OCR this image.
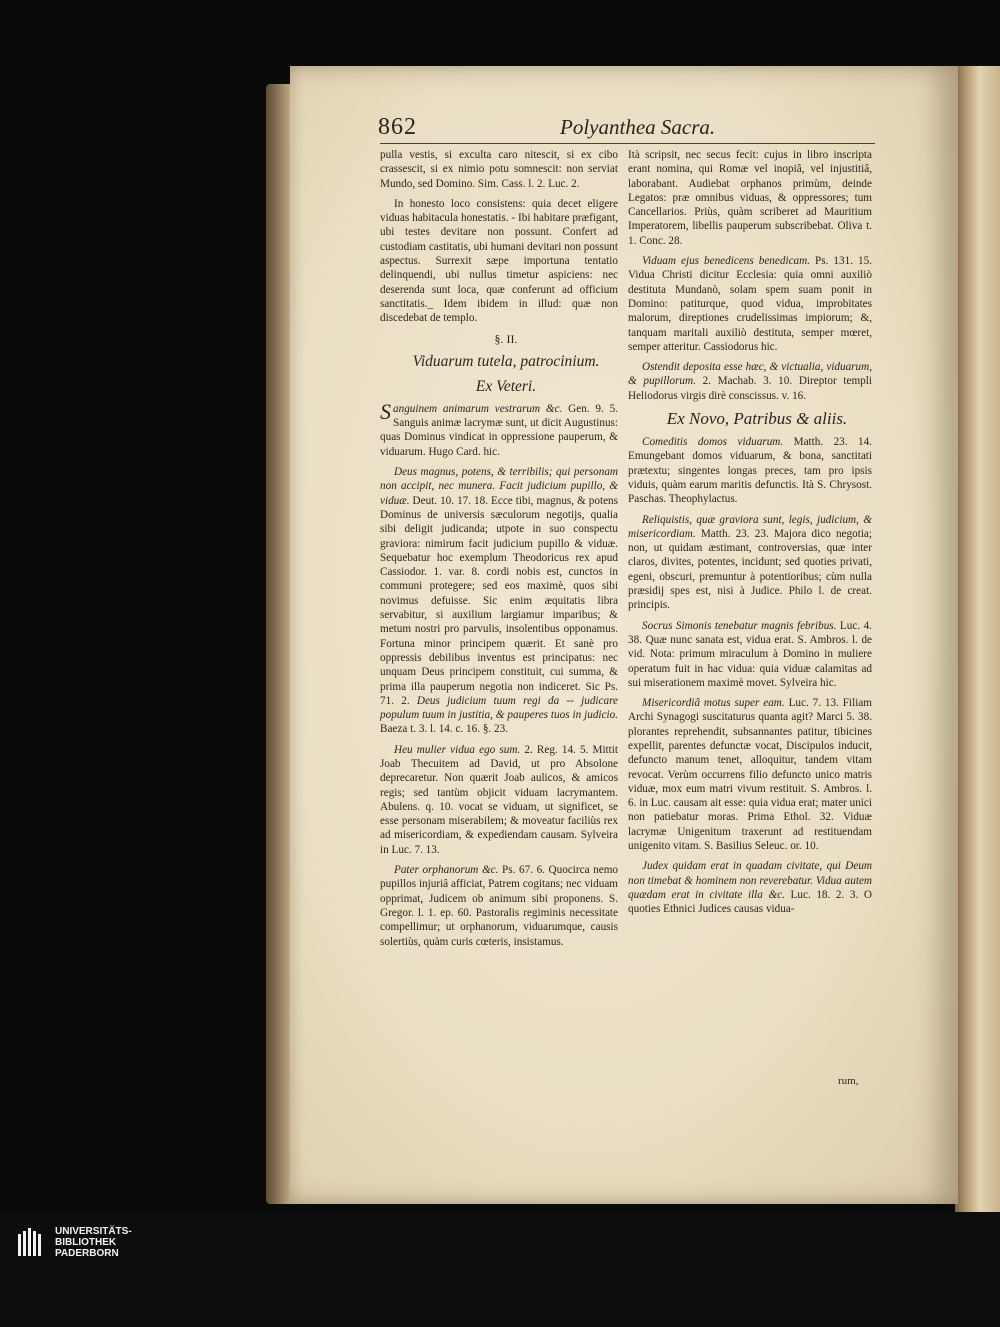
862	Polyanthea Sacra.

pulla vestis, si exculta caro nitescit, si ex cibo crassescit, si ex nimio potu somnescit: non serviat Mundo, sed Domino. Sim. Cass. l. 2. Luc. 2.

In honesto loco consistens: quia decet eligere viduas habitacula honestatis. - Ibi habitare præfigant, ubi testes devitare non possunt. Confert ad custodiam castitatis, ubi humani devitari non possunt aspectus. Surrexit sæpe importuna tentatio delinquendi, ubi nullus timetur aspiciens: nec deserenda sunt loca, quæ conferunt ad officium sanctitatis._ Idem ibidem in illud: quæ non discedebat de templo.

§. II.

Viduarum tutela, patrocinium.

Ex Veteri.

Sanguinem animarum vestrarum &c. Gen. 9. 5. Sanguis animæ lacrymæ sunt, ut dicit Augustinus: quas Dominus vindicat in oppressione pauperum, & viduarum. Hugo Card. hic.

Deus magnus, potens, & terribilis; qui personam non accipit, nec munera. Facit judicium pupillo, & viduæ. Deut. 10. 17. 18. Ecce tibi, magnus, & potens Dominus de universis sæculorum negotijs, qualia sibi deligit judicanda; utpote in suo conspectu graviora: nimirum facit judicium pupillo & viduæ. Sequebatur hoc exemplum Theodoricus rex apud Cassiodor. 1. var. 8. cordi nobis est, cunctos in communi protegere; sed eos maximè, quos sibi novimus defuisse. Sic enim æquitatis libra servabitur, si auxilium largiamur imparibus; & metum nostri pro parvulis, insolentibus opponamus. Fortuna minor principem quærit. Et sanè pro oppressis debilibus inventus est principatus: nec unquam Deus principem constituit, cui summa, & prima illa pauperum negotia non indiceret. Sic Ps. 71. 2. Deus judicium tuum regi da -- judicare populum tuum in justitia, & pauperes tuos in judicio. Baeza t. 3. l. 14. c. 16. §. 23.

Heu mulier vidua ego sum. 2. Reg. 14. 5. Mittit Joab Thecuitem ad David, ut pro Absolone deprecaretur. Non quærit Joab aulicos, & amicos regis; sed tantùm objicit viduam lacrymantem. Abulens. q. 10. vocat se viduam, ut significet, se esse personam miserabilem; & moveatur faciliùs rex ad misericordiam, & expediendam causam. Sylveira in Luc. 7. 13.

Pater orphanorum &c. Ps. 67. 6. Quocirca nemo pupillos injuriâ afficiat, Patrem cogitans; nec viduam opprimat, Judicem ob animum sibi proponens. S. Gregor. l. 1. ep. 60. Pastoralis regiminis necessitate compellimur; ut orphanorum, viduarumque, causis solertiùs, quàm curis cœteris, insistamus.

Ità scripsit, nec secus fecit: cujus in libro inscripta erant nomina, qui Romæ vel inopiâ, vel injustitiâ, laborabant. Audiebat orphanos primùm, deinde Legatos: præ omnibus viduas, & oppressores; tum Cancellarios. Priùs, quàm scriberet ad Mauritium Imperatorem, libellis pauperum subscribebat. Oliva t. 1. Conc. 28.

Viduam ejus benedicens benedicam. Ps. 131. 15. Vidua Christi dicitur Ecclesia: quia omni auxiliò destituta Mundanò, solam spem suam ponit in Domino: patiturque, quod vidua, improbitates malorum, direptiones crudelissimas impiorum; &, tanquam maritali auxiliò destituta, semper mœret, semper atteritur. Cassiodorus hic.

Ostendit deposita esse hæc, & victualia, viduarum, & pupillorum. 2. Machab. 3. 10. Direptor templi Heliodorus virgis dirè conscissus. v. 16.

Ex Novo, Patribus & aliis.

Comeditis domos viduarum. Matth. 23. 14. Emungebant domos viduarum, & bona, sanctitati prætextu; singentes longas preces, tam pro ipsis viduis, quàm earum maritis defunctis. Ità S. Chrysost. Paschas. Theophylactus.

Reliquistis, quæ graviora sunt, legis, judicium, & misericordiam. Matth. 23. 23. Majora dico negotia; non, ut quidam æstimant, controversias, quæ inter claros, divites, potentes, incidunt; sed quoties privati, egeni, obscuri, premuntur à potentioribus; cùm nulla præsidij spes est, nisi à Judice. Philo l. de creat. principis.

Socrus Simonis tenebatur magnis febribus. Luc. 4. 38. Quæ nunc sanata est, vidua erat. S. Ambros. l. de vid. Nota: primum miraculum à Domino in muliere operatum fuit in hac vidua: quia viduæ calamitas ad sui miserationem maximè movet. Sylveira hic.

Misericordiâ motus super eam. Luc. 7. 13. Filiam Archi Synagogi suscitaturus quanta agit? Marci 5. 38. plorantes reprehendit, subsannantes patitur, tibicines expellit, parentes defunctæ vocat, Discipulos inducit, defuncto manum tenet, alloquitur, tandem vitam revocat. Verùm occurrens filio defuncto unico matris viduæ, mox eum matri vivum restituit. S. Ambros. l. 6. in Luc. causam ait esse: quia vidua erat; mater unici non patiebatur moras. Prima Ethol. 32. Viduæ lacrymæ Unigenitum traxerunt ad restituendam unigenito vitam. S. Basilius Seleuc. or. 10.

Judex quidam erat in quadam civitate, qui Deum non timebat & hominem non reverebatur. Vidua autem quædam erat in civitate illa &c. Luc. 18. 2. 3. O quoties Ethnici Judices causas vidua-

rum,
UNIVERSITÄTS-
BIBLIOTHEK
PADERBORN
